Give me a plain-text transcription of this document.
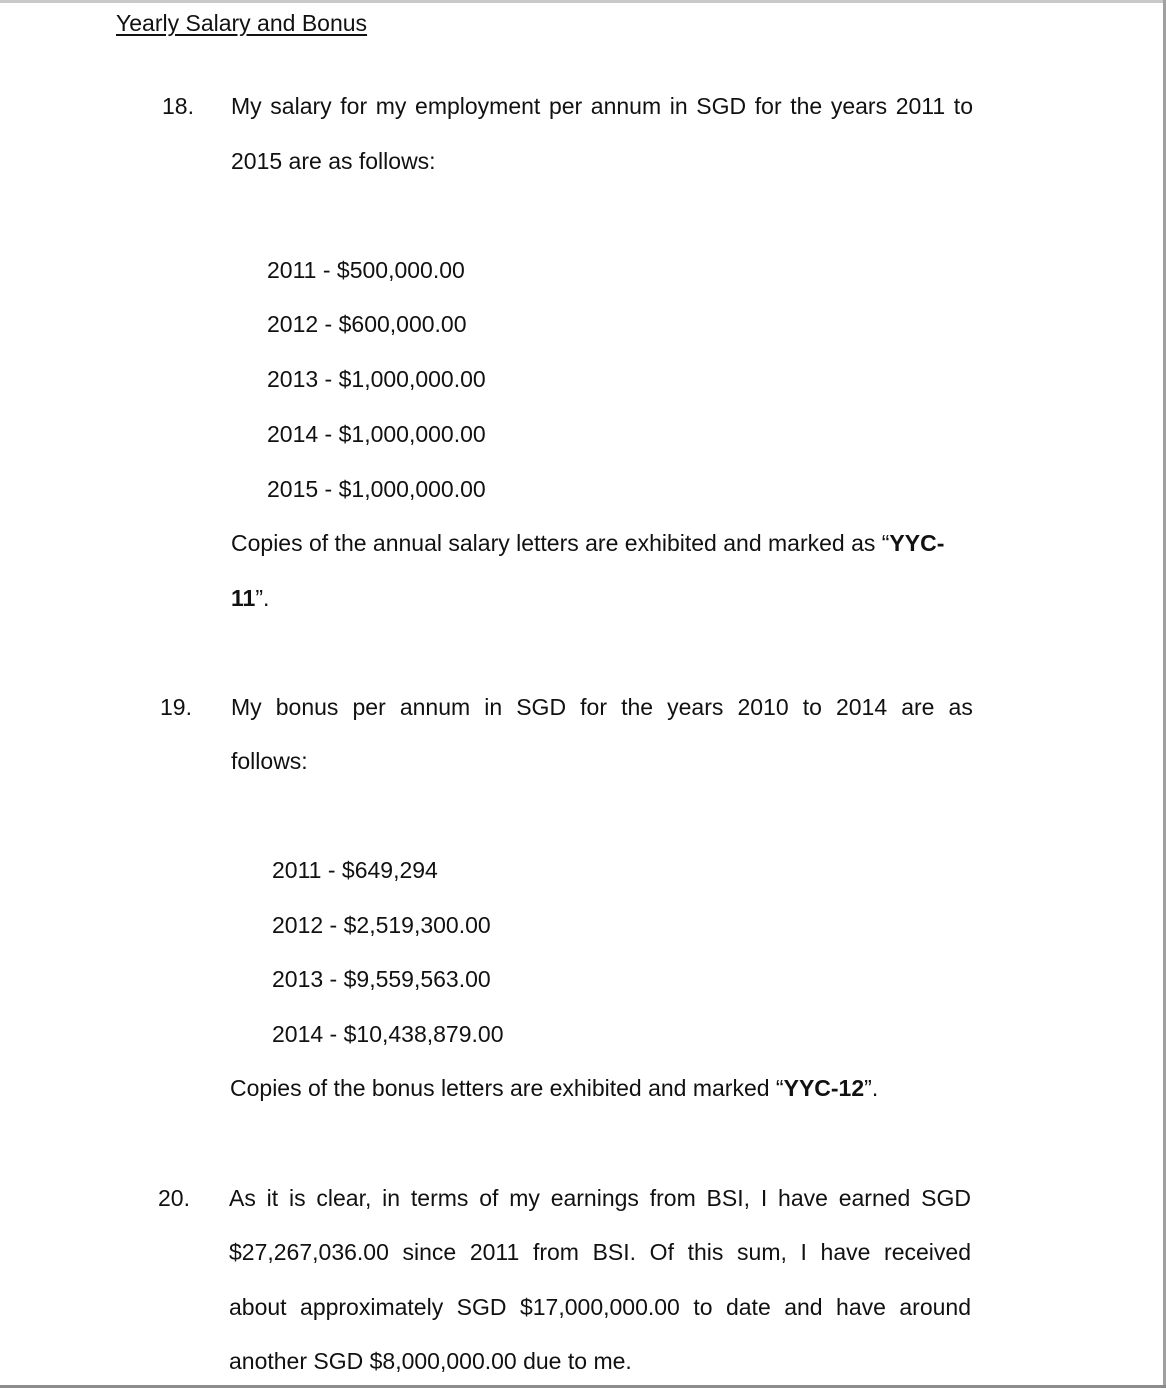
Yearly Salary and Bonus
18. My salary for my employment per annum in SGD for the years 2011 to
2015 are as follows:
2011 - $500,000.00
2012 - $600,000.00
2013 - $1,000,000.00
2014 - $1,000,000.00
2015 - $1,000,000.00
Copies of the annual salary letters are exhibited and marked as “YYC-
11”.
19. My bonus per annum in SGD for the years 2010 to 2014 are as
follows:
2011 - $649,294
2012 - $2,519,300.00
2013 - $9,559,563.00
2014 - $10,438,879.00
Copies of the bonus letters are exhibited and marked “YYC-12”.
20. As it is clear, in terms of my earnings from BSI, I have earned SGD
$27,267,036.00 since 2011 from BSI. Of this sum, I have received
about approximately SGD $17,000,000.00 to date and have around
another SGD $8,000,000.00 due to me.
